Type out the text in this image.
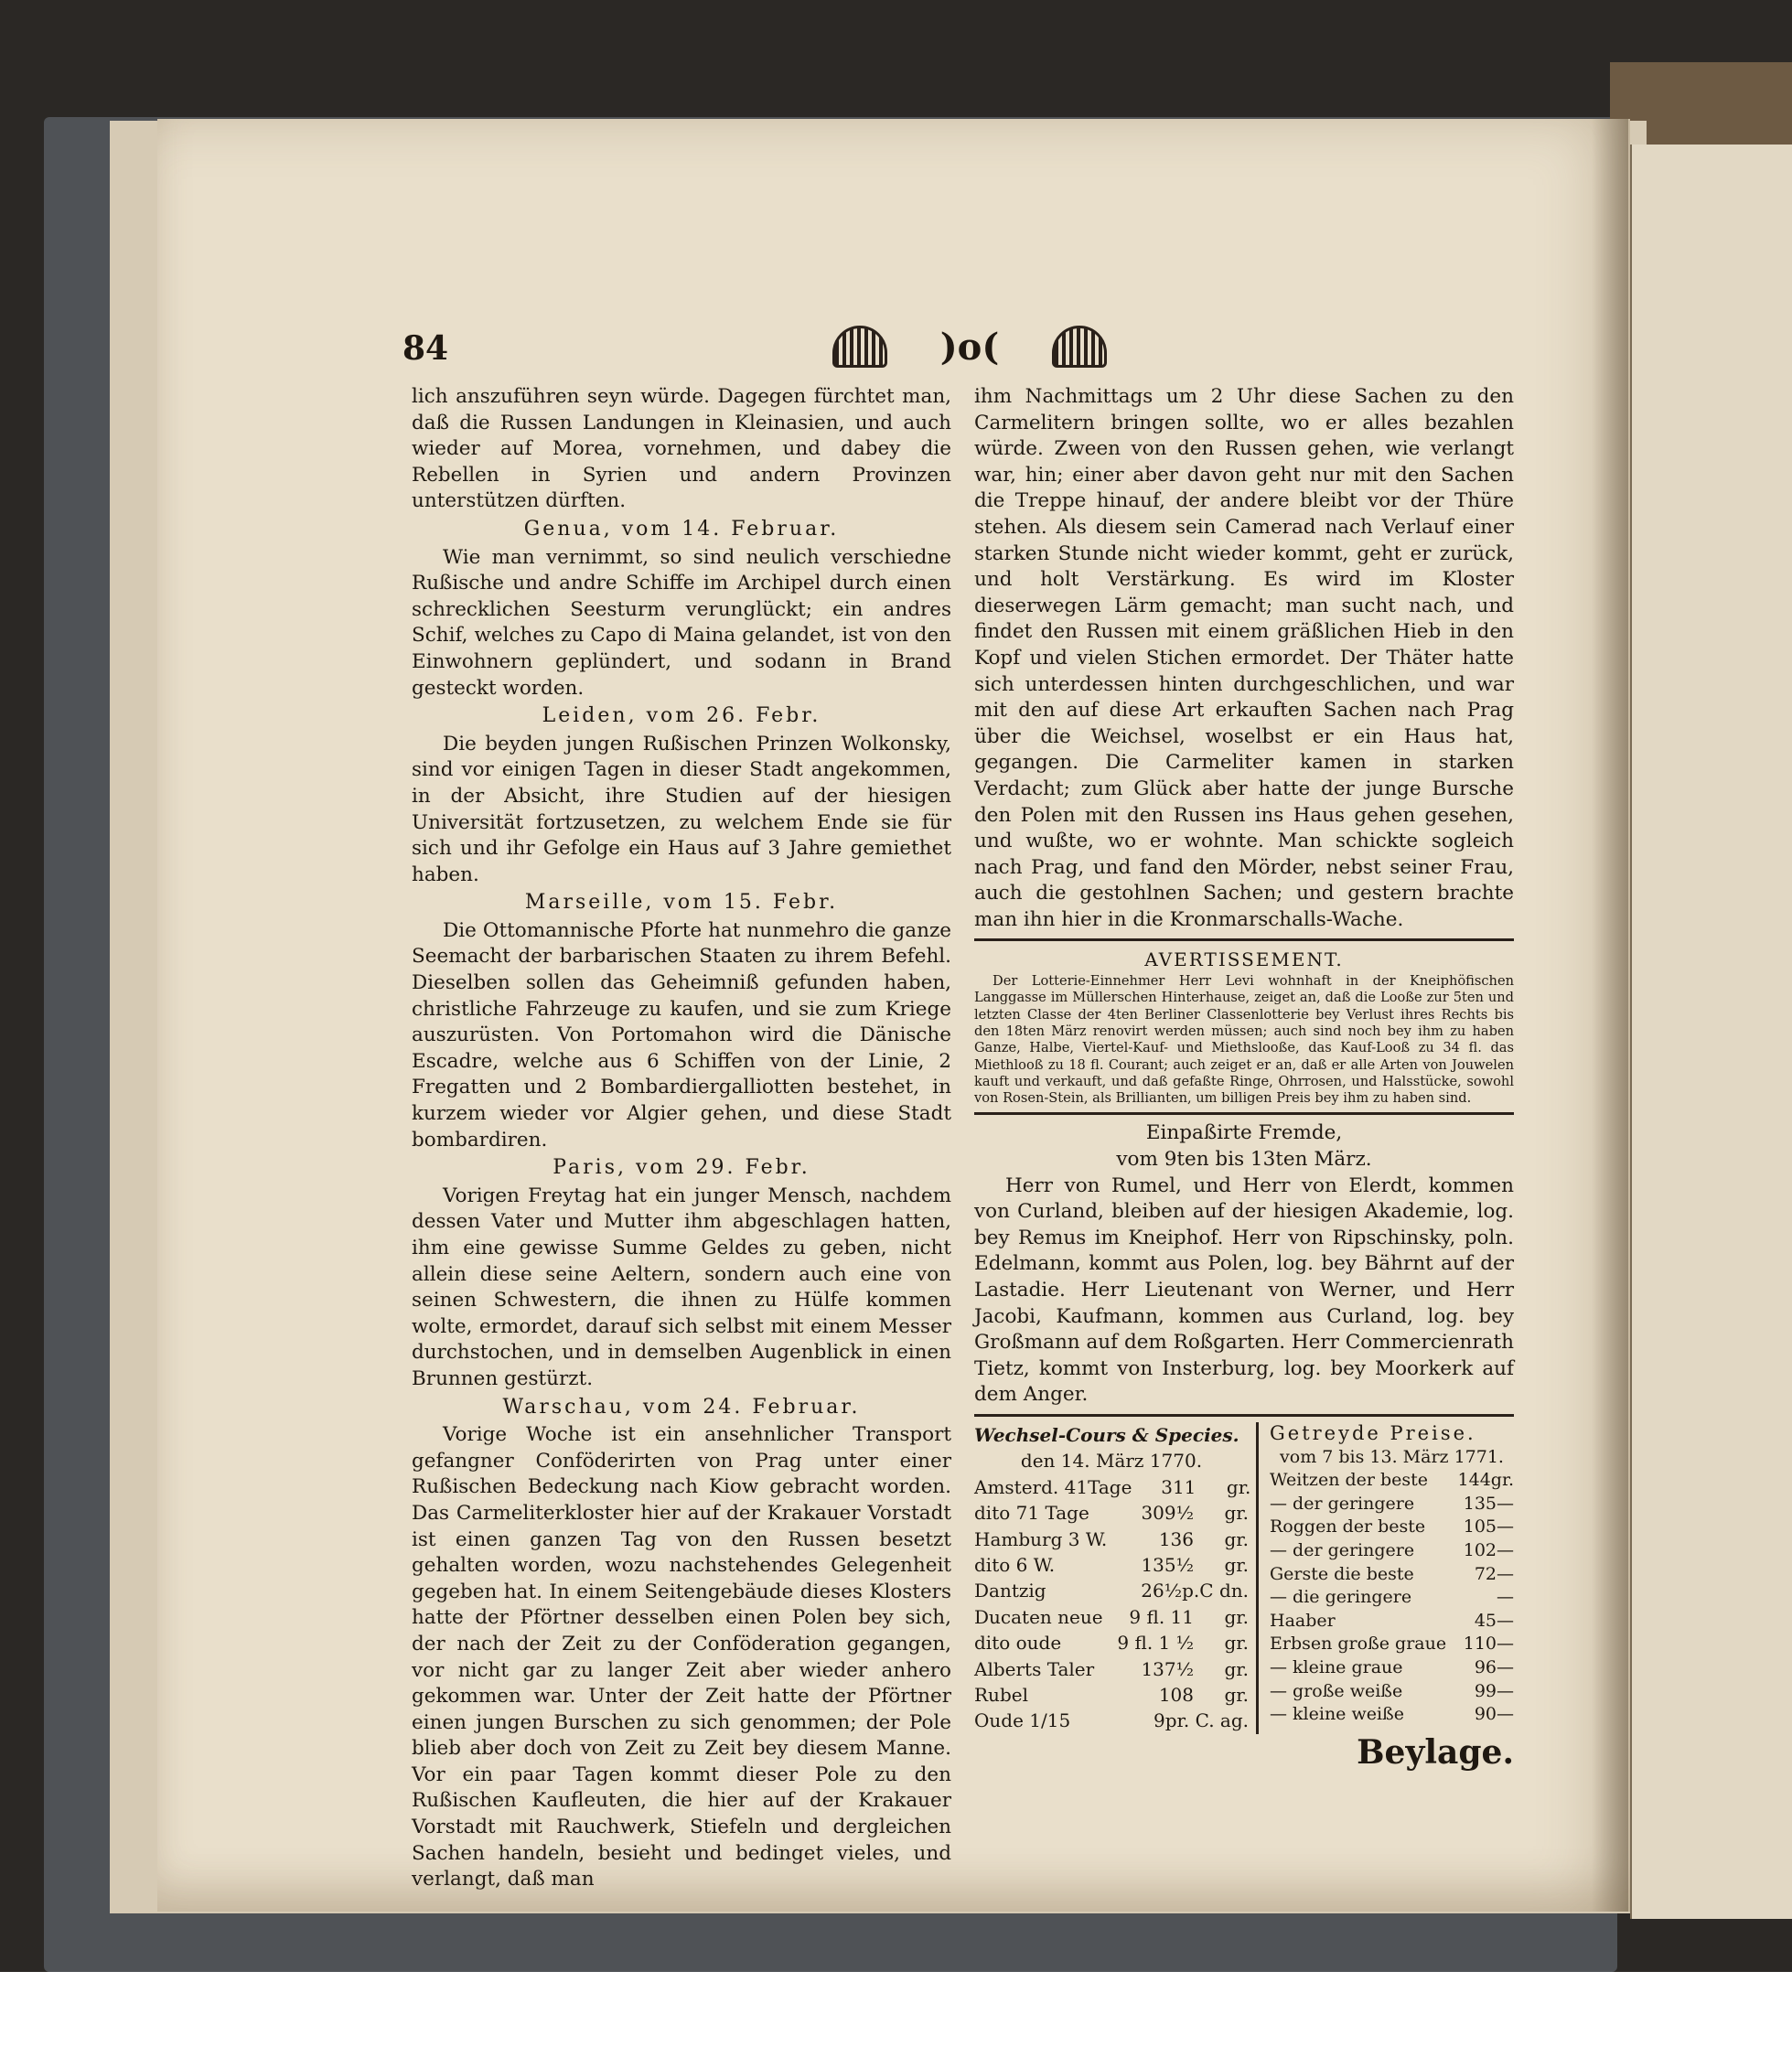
84	)o(

lich anszuführen seyn würde. Dagegen fürchtet man, daß die Russen Landungen in Kleinasien, und auch wieder auf Morea, vornehmen, und dabey die Rebellen in Syrien und andern Provinzen unterstützen dürften.

Genua, vom 14. Februar.

Wie man vernimmt, so sind neulich verschiedne Rußische und andre Schiffe im Archipel durch einen schrecklichen Seesturm verunglückt; ein andres Schif, welches zu Capo di Maina gelandet, ist von den Einwohnern geplündert, und sodann in Brand gesteckt worden.

Leiden, vom 26. Febr.

Die beyden jungen Rußischen Prinzen Wolkonsky, sind vor einigen Tagen in dieser Stadt angekommen, in der Absicht, ihre Studien auf der hiesigen Universität fortzusetzen, zu welchem Ende sie für sich und ihr Gefolge ein Haus auf 3 Jahre gemiethet haben.

Marseille, vom 15. Febr.

Die Ottomannische Pforte hat nunmehro die ganze Seemacht der barbarischen Staaten zu ihrem Befehl. Dieselben sollen das Geheimniß gefunden haben, christliche Fahrzeuge zu kaufen, und sie zum Kriege auszurüsten. Von Portomahon wird die Dänische Escadre, welche aus 6 Schiffen von der Linie, 2 Fregatten und 2 Bombardiergalliotten bestehet, in kurzem wieder vor Algier gehen, und diese Stadt bombardiren.

Paris, vom 29. Febr.

Vorigen Freytag hat ein junger Mensch, nachdem dessen Vater und Mutter ihm abgeschlagen hatten, ihm eine gewisse Summe Geldes zu geben, nicht allein diese seine Aeltern, sondern auch eine von seinen Schwestern, die ihnen zu Hülfe kommen wolte, ermordet, darauf sich selbst mit einem Messer durchstochen, und in demselben Augenblick in einen Brunnen gestürzt.

Warschau, vom 24. Februar.

Vorige Woche ist ein ansehnlicher Transport gefangner Conföderirten von Prag unter einer Rußischen Bedeckung nach Kiow gebracht worden. Das Carmeliterkloster hier auf der Krakauer Vorstadt ist einen ganzen Tag von den Russen besetzt gehalten worden, wozu nachstehendes Gelegenheit gegeben hat. In einem Seitengebäude dieses Klosters hatte der Pförtner desselben einen Polen bey sich, der nach der Zeit zu der Conföderation gegangen, vor nicht gar zu langer Zeit aber wieder anhero gekommen war. Unter der Zeit hatte der Pförtner einen jungen Burschen zu sich genommen; der Pole blieb aber doch von Zeit zu Zeit bey diesem Manne. Vor ein paar Tagen kommt dieser Pole zu den Rußischen Kaufleuten, die hier auf der Krakauer Vorstadt mit Rauchwerk, Stiefeln und dergleichen Sachen handeln, besieht und bedinget vieles, und verlangt, daß man

ihm Nachmittags um 2 Uhr diese Sachen zu den Carmelitern bringen sollte, wo er alles bezahlen würde. Zween von den Russen gehen, wie verlangt war, hin; einer aber davon geht nur mit den Sachen die Treppe hinauf, der andere bleibt vor der Thüre stehen. Als diesem sein Camerad nach Verlauf einer starken Stunde nicht wieder kommt, geht er zurück, und holt Verstärkung. Es wird im Kloster dieserwegen Lärm gemacht; man sucht nach, und findet den Russen mit einem gräßlichen Hieb in den Kopf und vielen Stichen ermordet. Der Thäter hatte sich unterdessen hinten durchgeschlichen, und war mit den auf diese Art erkauften Sachen nach Prag über die Weichsel, woselbst er ein Haus hat, gegangen. Die Carmeliter kamen in starken Verdacht; zum Glück aber hatte der junge Bursche den Polen mit den Russen ins Haus gehen gesehen, und wußte, wo er wohnte. Man schickte sogleich nach Prag, und fand den Mörder, nebst seiner Frau, auch die gestohlnen Sachen; und gestern brachte man ihn hier in die Kronmarschalls-Wache.

AVERTISSEMENT.
Der Lotterie-Einnehmer Herr Levi wohnhaft in der Kneiphöfischen Langgasse im Müllerschen Hinterhause, zeiget an, daß die Looße zur 5ten und letzten Classe der 4ten Berliner Classenlotterie bey Verlust ihres Rechts bis den 18ten März renovirt werden müssen; auch sind noch bey ihm zu haben Ganze, Halbe, Viertel-Kauf- und Miethslooße, das Kauf-Looß zu 34 fl. das Miethlooß zu 18 fl. Courant; auch zeiget er an, daß er alle Arten von Jouwelen kauft und verkauft, und daß gefaßte Ringe, Ohrrosen, und Halsstücke, sowohl von Rosen-Stein, als Brillianten, um billigen Preis bey ihm zu haben sind.
Einpaßirte Fremde,
vom 9ten bis 13ten März.

Herr von Rumel, und Herr von Elerdt, kommen von Curland, bleiben auf der hiesigen Akademie, log. bey Remus im Kneiphof. Herr von Ripschinsky, poln. Edelmann, kommt aus Polen, log. bey Bährnt auf der Lastadie. Herr Lieutenant von Werner, und Herr Jacobi, Kaufmann, kommen aus Curland, log. bey Großmann auf dem Roßgarten. Herr Commercienrath Tietz, kommt von Insterburg, log. bey Moorkerk auf dem Anger.

Wechsel-Cours & Species.
den 14. März 1770.
Amsterd. 41Tage	311	gr.
dito 71 Tage	309½	gr.
Hamburg 3 W.	136	gr.
dito 6 W.	135½	gr.
Dantzig	26½ p.C dn.
Ducaten neue	9 fl. 11	gr.
dito oude	9 fl. 1 ½	gr.
Alberts Taler	137½	gr.
Rubel	108	gr.
Oude 1/15	9 pr. C. ag.
Getreyde Preise.
vom 7 bis 13. März 1771.
Weitzen der beste	144gr.
— der geringere	135—
Roggen der beste	105—
— der geringere	102—
Gerste die beste	72—
— die geringere	—
Haaber	45—
Erbsen große graue 110—
— kleine graue	96—
— große weiße	99—
— kleine weiße	90—
Beylage.
